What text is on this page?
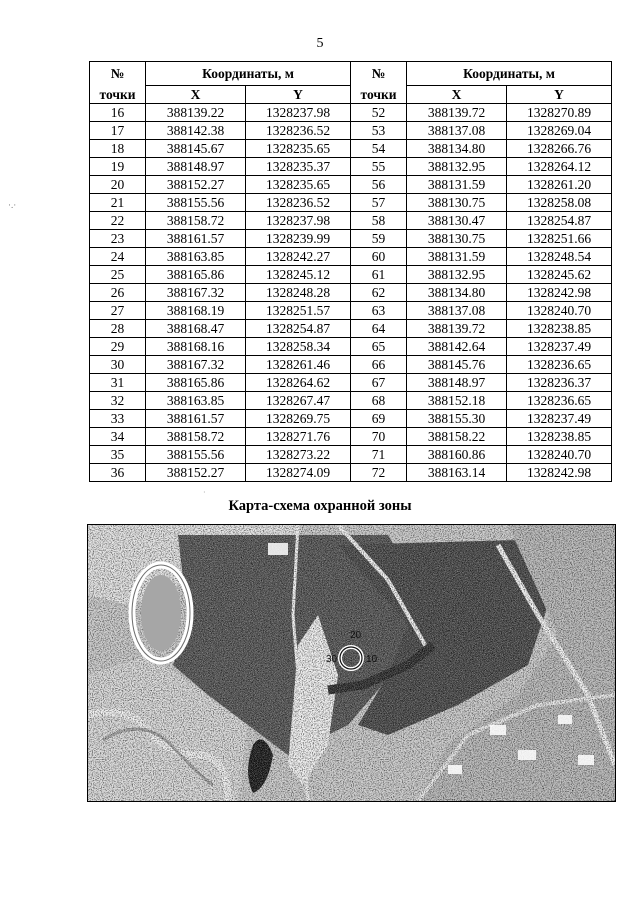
5
№	Координаты, м		№	Координаты, м	
точки	X	Y	точки	X	Y
16	388139.22	1328237.98	52	388139.72	1328270.89
17	388142.38	1328236.52	53	388137.08	1328269.04
18	388145.67	1328235.65	54	388134.80	1328266.76
19	388148.97	1328235.37	55	388132.95	1328264.12
20	388152.27	1328235.65	56	388131.59	1328261.20
21	388155.56	1328236.52	57	388130.75	1328258.08
22	388158.72	1328237.98	58	388130.47	1328254.87
23	388161.57	1328239.99	59	388130.75	1328251.66
24	388163.85	1328242.27	60	388131.59	1328248.54
25	388165.86	1328245.12	61	388132.95	1328245.62
26	388167.32	1328248.28	62	388134.80	1328242.98
27	388168.19	1328251.57	63	388137.08	1328240.70
28	388168.47	1328254.87	64	388139.72	1328238.85
29	388168.16	1328258.34	65	388142.64	1328237.49
30	388167.32	1328261.46	66	388145.76	1328236.65
31	388165.86	1328264.62	67	388148.97	1328236.37
32	388163.85	1328267.47	68	388152.18	1328236.65
33	388161.57	1328269.75	69	388155.30	1328237.49
34	388158.72	1328271.76	70	388158.22	1328238.85
35	388155.56	1328273.22	71	388160.86	1328240.70
36	388152.27	1328274.09	72	388163.14	1328242.98
Карта-схема охранной зоны
20
30	10
·.·
·
